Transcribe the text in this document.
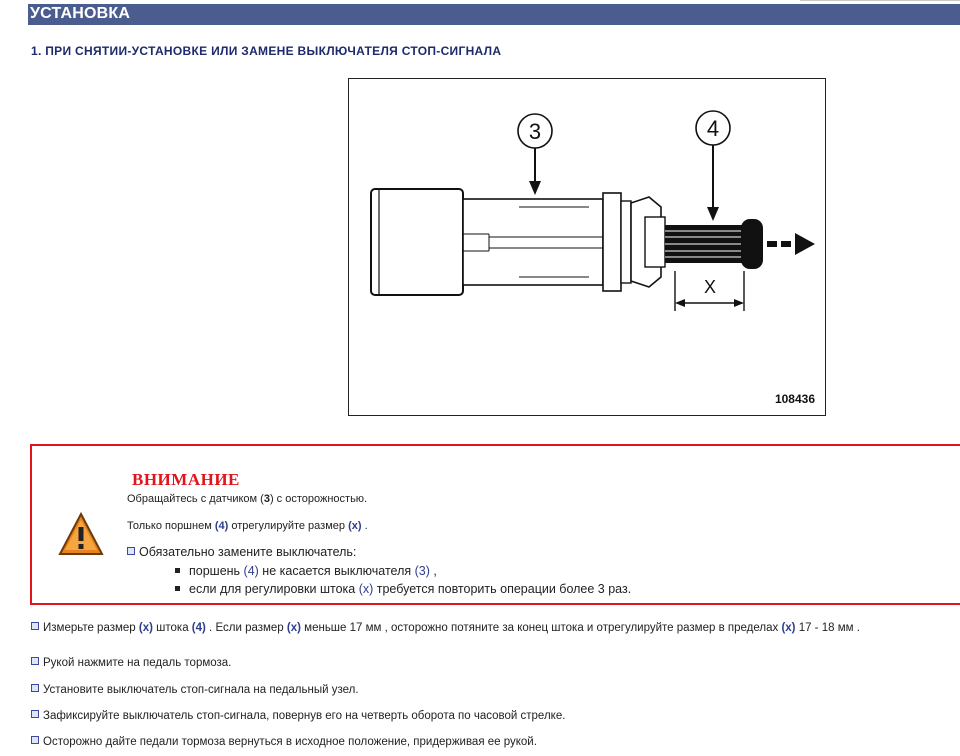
УСТАНОВКА
1. ПРИ СНЯТИИ-УСТАНОВКЕ ИЛИ ЗАМЕНЕ ВЫКЛЮЧАТЕЛЯ СТОП-СИГНАЛА
3	4
X
108436
ВНИМАНИЕ
Обращайтесь с датчиком (3) с осторожностью.
Только поршнем (4) отрегулируйте размер (x) .
Обязательно замените выключатель:
поршень (4) не касается выключателя (3) ,
если для регулировки штока (x) требуется повторить операции более 3 раз.
Измерьте размер (x) штока (4) . Если размер (x) меньше 17 мм , осторожно потяните за конец штока и отрегулируйте размер в пределах (x) 17 - 18 мм .
Рукой нажмите на педаль тормоза.
Установите выключатель стоп-сигнала на педальный узел.
Зафиксируйте выключатель стоп-сигнала, повернув его на четверть оборота по часовой стрелке.
Осторожно дайте педали тормоза вернуться в исходное положение, придерживая ее рукой.
